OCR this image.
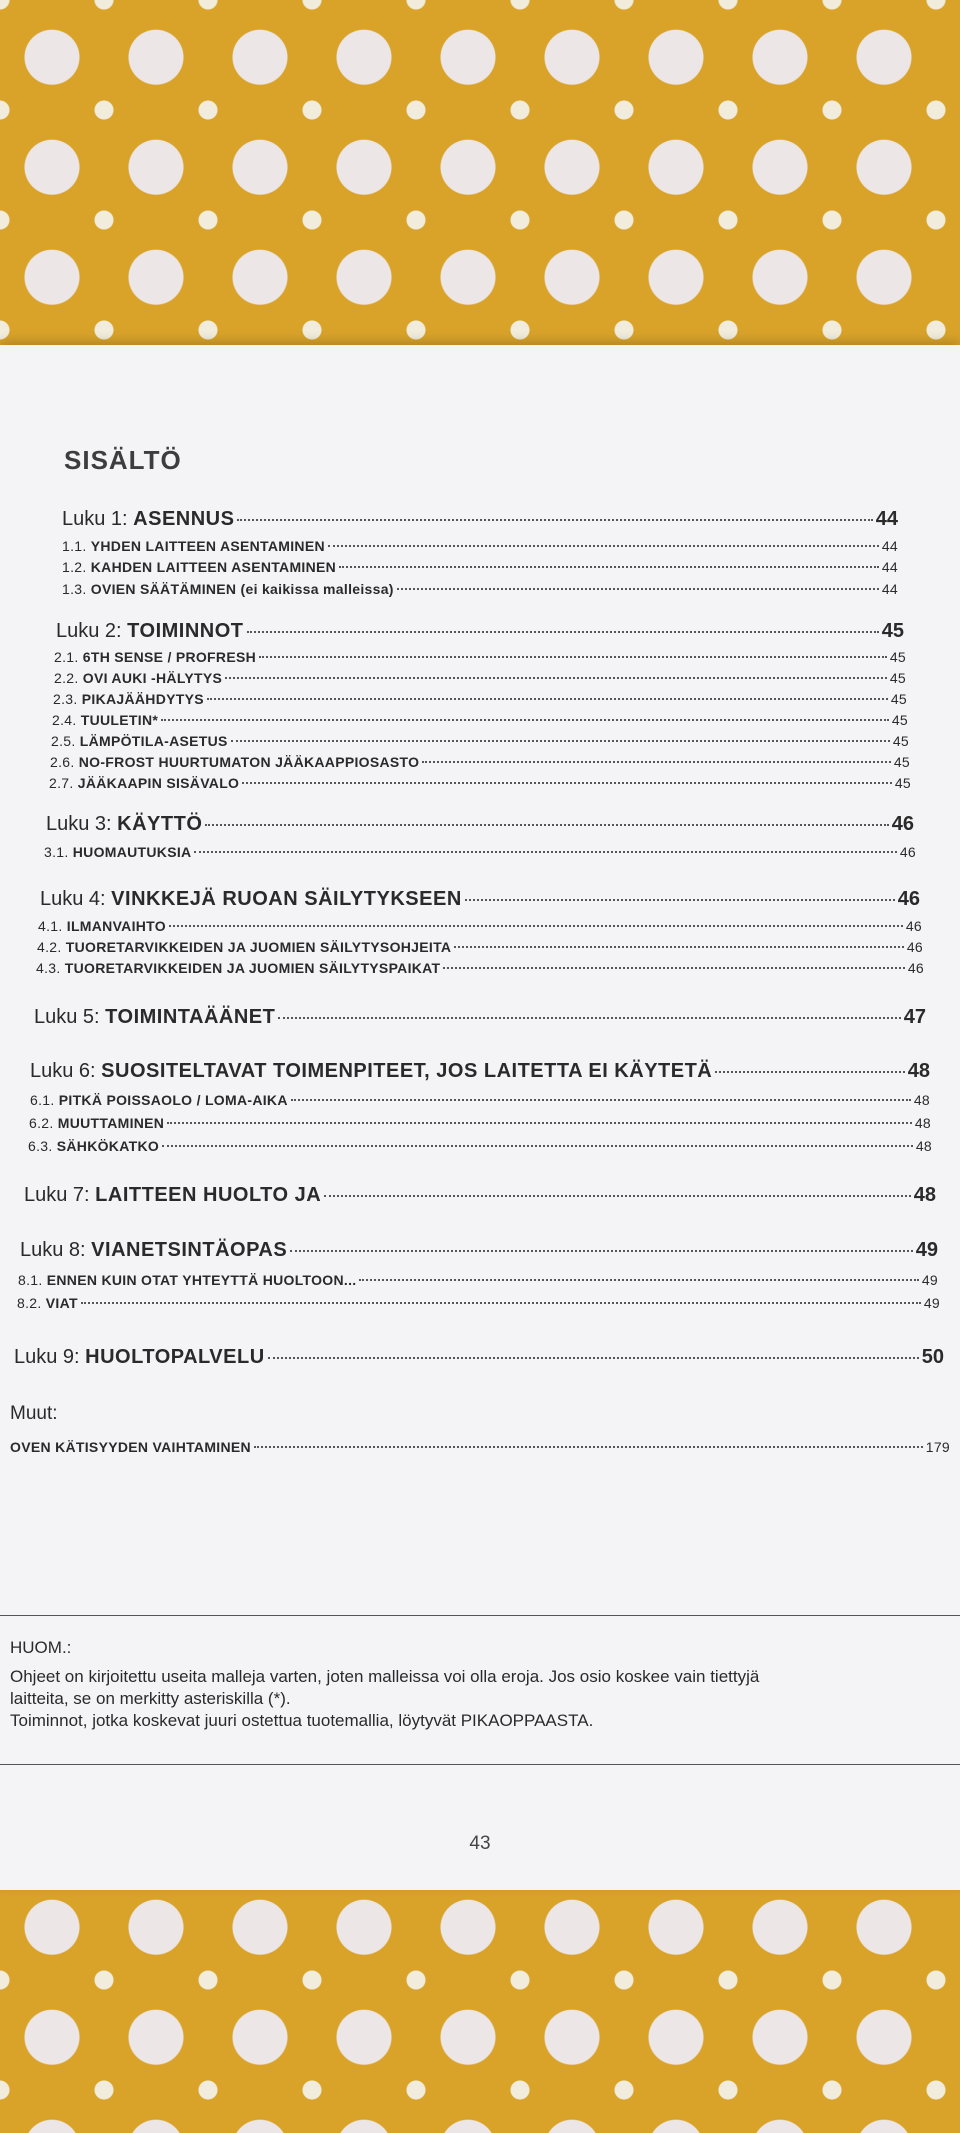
SISÄLTÖ
Luku 1: ASENNUS	44
1.1. YHDEN LAITTEEN ASENTAMINEN	44
1.2. KAHDEN LAITTEEN ASENTAMINEN	44
1.3. OVIEN SÄÄTÄMINEN (ei kaikissa malleissa)	44
Luku 2: TOIMINNOT	45
2.1. 6TH SENSE / PROFRESH	45
2.2. OVI AUKI -HÄLYTYS	45
2.3. PIKAJÄÄHDYTYS	45
2.4. TUULETIN*	45
2.5. LÄMPÖTILA-ASETUS	45
2.6. NO-FROST HUURTUMATON JÄÄKAAPPIOSASTO	45
2.7. JÄÄKAAPIN SISÄVALO	45
Luku 3: KÄYTTÖ	46
3.1. HUOMAUTUKSIA	46
Luku 4: VINKKEJÄ RUOAN SÄILYTYKSEEN	46
4.1. ILMANVAIHTO	46
4.2. TUORETARVIKKEIDEN JA JUOMIEN SÄILYTYSOHJEITA	46
4.3. TUORETARVIKKEIDEN JA JUOMIEN SÄILYTYSPAIKAT	46
Luku 5: TOIMINTAÄÄNET	47
Luku 6: SUOSITELTAVAT TOIMENPITEET, JOS LAITETTA EI KÄYTETÄ	48
6.1. PITKÄ POISSAOLO / LOMA-AIKA	48
6.2. MUUTTAMINEN	48
6.3. SÄHKÖKATKO	48
Luku 7: LAITTEEN HUOLTO JA	48
Luku 8: VIANETSINTÄOPAS	49
8.1. ENNEN KUIN OTAT YHTEYTTÄ HUOLTOON...	49
8.2. VIAT	49
Luku 9: HUOLTOPALVELU	50
Muut:
OVEN KÄTISYYDEN VAIHTAMINEN	179
HUOM.:

Ohjeet on kirjoitettu useita malleja varten, joten malleissa voi olla eroja. Jos osio koskee vain tiettyjä

laitteita, se on merkitty asteriskilla (*).

Toiminnot, jotka koskevat juuri ostettua tuotemallia, löytyvät PIKAOPPAASTA.

43
